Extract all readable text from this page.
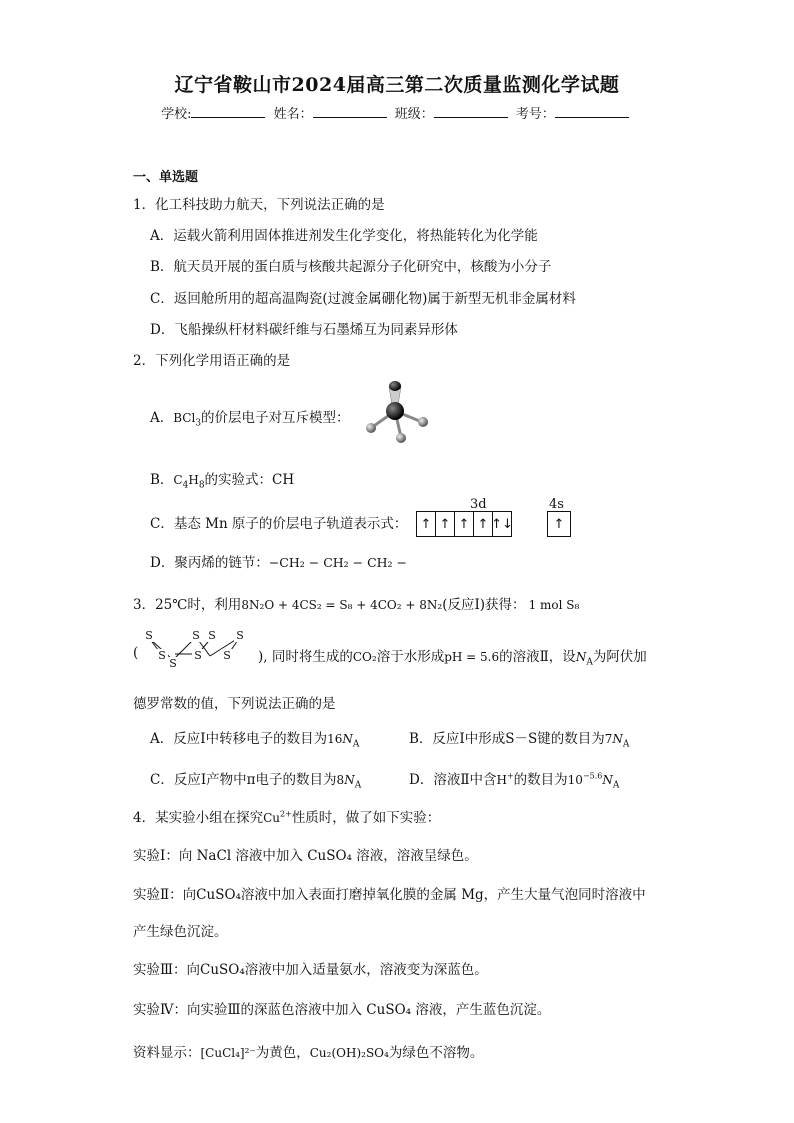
辽宁省鞍山市2024届高三第二次质量监测化学试题
学校:	姓名：	班级：	考号：
一、单选题
1．化工科技助力航天，下列说法正确的是
A．运载火箭利用固体推进剂发生化学变化，将热能转化为化学能
B．航天员开展的蛋白质与核酸共起源分子化研究中，核酸为小分子
C．返回舱所用的超高温陶瓷(过渡金属硼化物)属于新型无机非金属材料
D．飞船操纵杆材料碳纤维与石墨烯互为同素异形体
2．下列化学用语正确的是
A．BCl$_3$的价层电子对互斥模型：
B．$C_4H_8$的实验式：CH
C．基态 Mn 原子的价层电子轨道表示式：
3d	4s
↑ ↑ ↑ ↑ ↑↓	↑
D．聚丙烯的链节：−CH₂ − CH₂ − CH₂ −
3．25℃时，利用8N₂O + 4CS₂ = S₈ + 4CO₂ + 8N₂(反应Ⅰ)获得： 1 mol S₈
(
S
S
S
S
S
S
S
S
), 同时将生成的CO₂溶于水形成pH = 5.6的溶液Ⅱ，设$N_A$为阿伏加
德罗常数的值，下列说法正确的是
A．反应Ⅰ中转移电子的数目为$16N_A$	B．反应Ⅰ中形成S－S键的数目为$7N_A$
C．反应Ⅰ产物中π电子的数目为$8N_A$	D．溶液Ⅱ中含H+的数目为$10^{-5.6}N_A$
4．某实验小组在探究$Cu^{2+}$性质时，做了如下实验：
实验Ⅰ：向 NaCl 溶液中加入 CuSO₄ 溶液，溶液呈绿色。
实验Ⅱ：向CuSO₄溶液中加入表面打磨掉氧化膜的金属 Mg，产生大量气泡同时溶液中
产生绿色沉淀。
实验Ⅲ：向CuSO₄溶液中加入适量氨水，溶液变为深蓝色。
实验Ⅳ：向实验Ⅲ的深蓝色溶液中加入 CuSO₄ 溶液，产生蓝色沉淀。
资料显示：[CuCl₄]²⁻为黄色，Cu₂(OH)₂SO₄为绿色不溶物。
